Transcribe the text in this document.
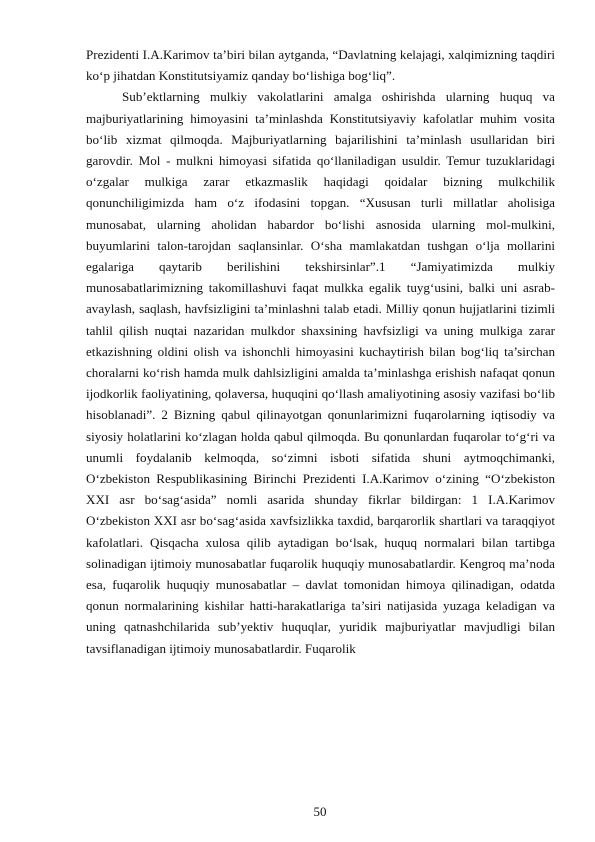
Prezidenti I.A.Karimov ta’biri bilan aytganda, “Davlatning kelajagi, xalqimizning taqdiri ko‘p jihatdan Konstitutsiyamiz qanday bo‘lishiga bog‘liq”.

Sub’ektlarning mulkiy vakolatlarini amalga oshirishda ularning huquq va majburiyatlarining himoyasini ta’minlashda Konstitutsiyaviy kafolatlar muhim vosita bo‘lib xizmat qilmoqda. Majburiyatlarning bajarilishini ta’minlash usullaridan biri garovdir. Mol - mulkni himoyasi sifatida qo‘llaniladigan usuldir. Temur tuzuklaridagi o‘zgalar mulkiga zarar etkazmaslik haqidagi qoidalar bizning mulkchilik qonunchiligimizda ham o‘z ifodasini topgan. “Xususan turli millatlar aholisiga munosabat, ularning aholidan habardor bo‘lishi asnosida ularning mol-mulkini, buyumlarini talon-tarojdan saqlansinlar. O‘sha mamlakatdan tushgan o‘lja mollarini egalariga qaytarib berilishini tekshirsinlar”.1 “Jamiyatimizda mulkiy munosabatlarimizning takomillashuvi faqat mulkka egalik tuyg‘usini, balki uni asrab-avaylash, saqlash, havfsizligini ta’minlashni talab etadi. Milliy qonun hujjatlarini tizimli tahlil qilish nuqtai nazaridan mulkdor shaxsining havfsizligi va uning mulkiga zarar etkazishning oldini olish va ishonchli himoyasini kuchaytirish bilan bog‘liq ta’sirchan choralarni ko‘rish hamda mulk dahlsizligini amalda ta’minlashga erishish nafaqat qonun ijodkorlik faoliyatining, qolaversa, huquqini qo‘llash amaliyotining asosiy vazifasi bo‘lib hisoblanadi”. 2 Bizning qabul qilinayotgan qonunlarimizni fuqarolarning iqtisodiy va siyosiy holatlarini ko‘zlagan holda qabul qilmoqda. Bu qonunlardan fuqarolar to‘g‘ri va unumli foydalanib kelmoqda, so‘zimni isboti sifatida shuni aytmoqchimanki, O‘zbekiston Respublikasining Birinchi Prezidenti I.A.Karimov o‘zining “O‘zbekiston XXI asr bo‘sag‘asida” nomli asarida shunday fikrlar bildirgan: 1 I.A.Karimov O‘zbekiston XXI asr bo‘sag‘asida xavfsizlikka taxdid, barqarorlik shartlari va taraqqiyot kafolatlari. Qisqacha xulosa qilib aytadigan bo‘lsak, huquq normalari bilan tartibga solinadigan ijtimoiy munosabatlar fuqarolik huquqiy munosabatlardir. Kengroq ma’noda esa, fuqarolik huquqiy munosabatlar – davlat tomonidan himoya qilinadigan, odatda qonun normalarining kishilar hatti-harakatlariga ta’siri natijasida yuzaga keladigan va uning qatnashchilarida sub’yektiv huquqlar, yuridik majburiyatlar mavjudligi bilan tavsiflanadigan ijtimoiy munosabatlardir. Fuqarolik

50
